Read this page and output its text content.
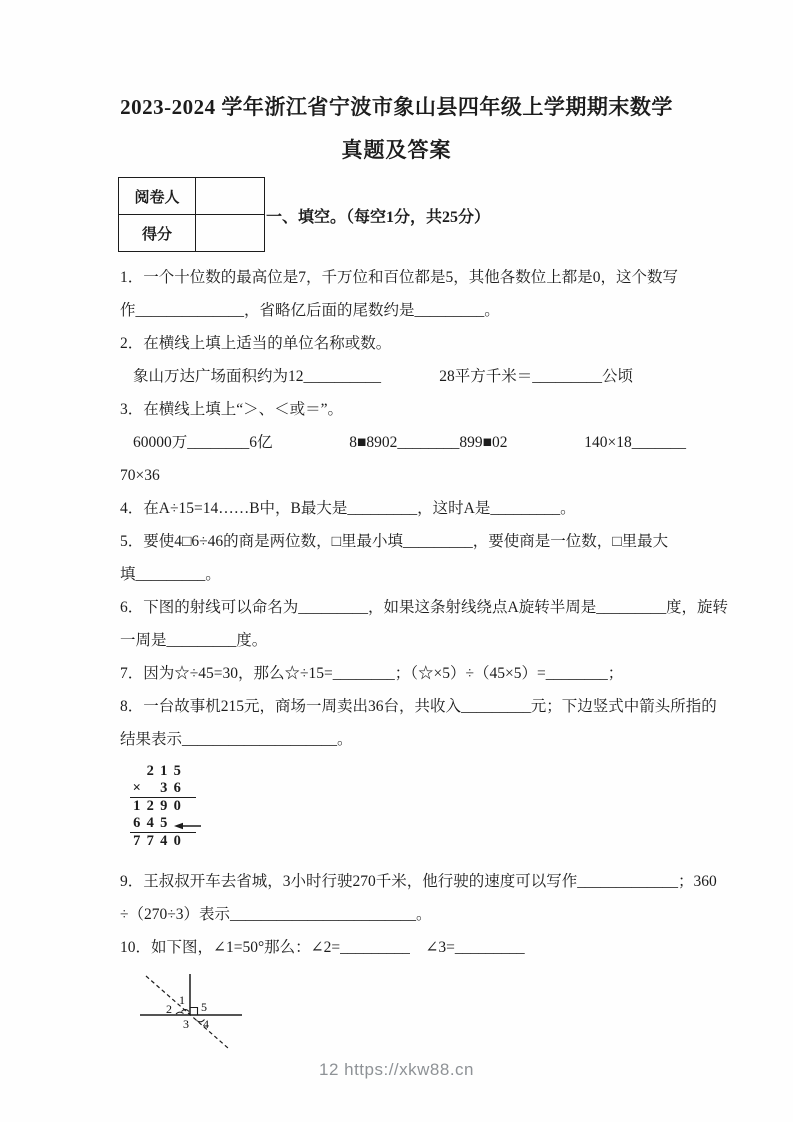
2023-2024 学年浙江省宁波市象山县四年级上学期期末数学
真题及答案
阅卷人	
得分	
一、填空。（每空1分，共25分）

1．一个十位数的最高位是7，千万位和百位都是5，其他各数位上都是0，这个数写

作______________，省略亿后面的尾数约是_________。

2．在横线上填上适当的单位名称或数。

象山万达广场面积约为12__________	28平方千米＝_________公顷

3．在横线上填上“＞、＜或＝”。

60000万________6亿	8■8902________899■02	140×18_______

70×36

4．在A÷15=14……B中，B最大是_________，这时A是_________。

5．要使4□6÷46的商是两位数，□里最小填_________，要使商是一位数，□里最大

填_________。

6．下图的射线可以命名为_________，如果这条射线绕点A旋转半周是_________度，旋转

一周是_________度。

7．因为☆÷45=30，那么☆÷15=________；（☆×5）÷（45×5）=________；

8．一台故事机215元，商场一周卖出36台，共收入_________元；下边竖式中箭头所指的

结果表示____________________。

2 1 5
× 3 6
1 2 9 0
6 4 5
7 7 4 0

9．王叔叔开车去省城，3小时行驶270千米，他行驶的速度可以写作_____________；360

÷（270÷3）表示________________________。

10．如下图，∠1=50°那么：∠2=_________　∠3=_________

1
2
3 4
5
12 https://xkw88.cn
